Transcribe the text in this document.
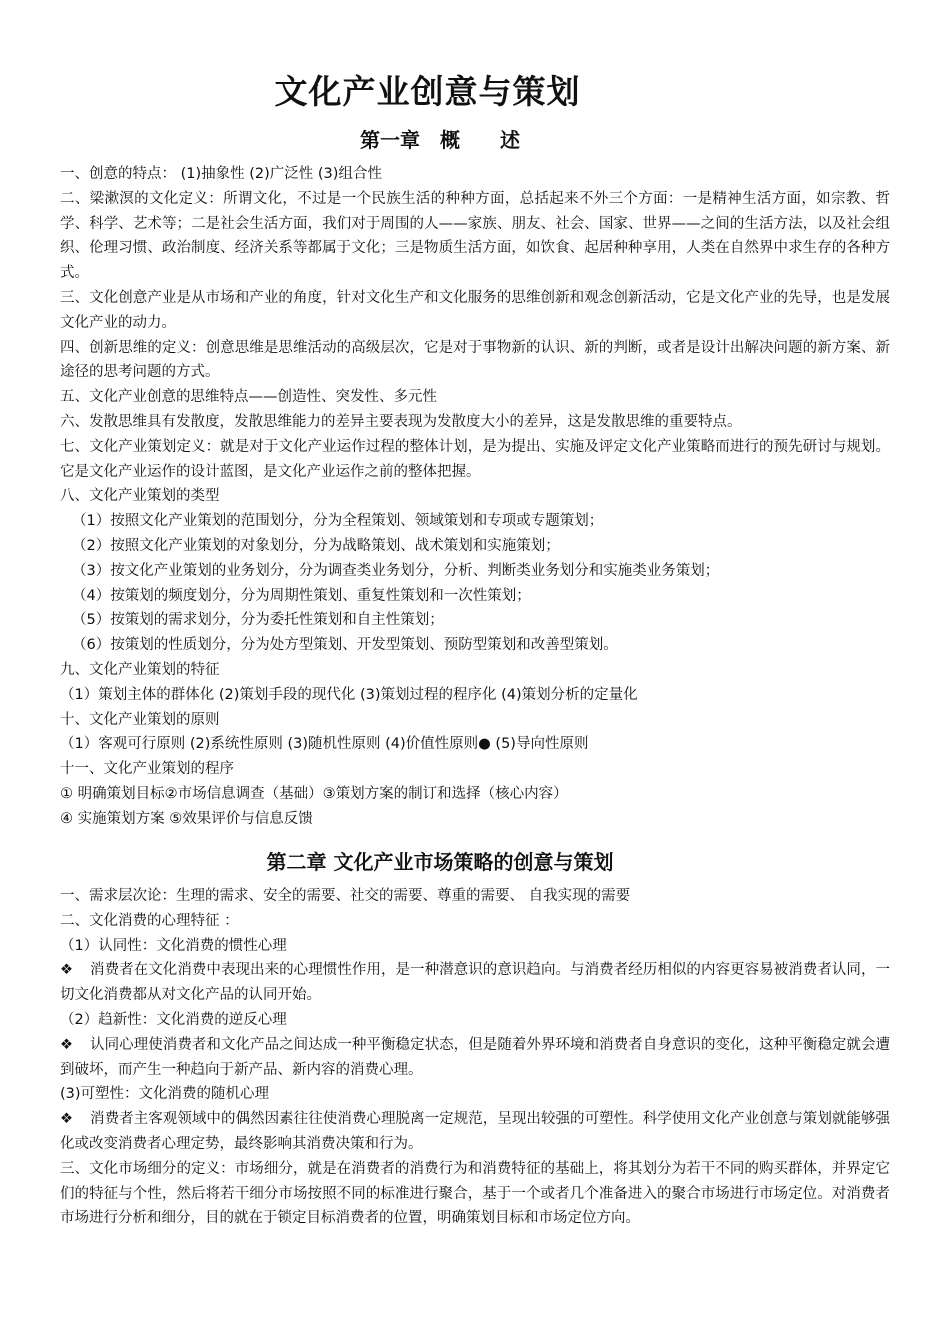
文化产业创意与策划
第一章　概　　述

一、创意的特点： (1)抽象性 (2)广泛性 (3)组合性

二、梁漱溟的文化定义：所谓文化，不过是一个民族生活的种种方面，总括起来不外三个方面：一是精神生活方面，如宗教、哲学、科学、艺术等；二是社会生活方面，我们对于周围的人——家族、朋友、社会、国家、世界——之间的生活方法，以及社会组织、伦理习惯、政治制度、经济关系等都属于文化；三是物质生活方面，如饮食、起居种种享用，人类在自然界中求生存的各种方式。

三、文化创意产业是从市场和产业的角度，针对文化生产和文化服务的思维创新和观念创新活动，它是文化产业的先导，也是发展文化产业的动力。

四、创新思维的定义：创意思维是思维活动的高级层次，它是对于事物新的认识、新的判断，或者是设计出解决问题的新方案、新途径的思考问题的方式。

五、文化产业创意的思维特点——创造性、突发性、多元性

六、发散思维具有发散度，发散思维能力的差异主要表现为发散度大小的差异，这是发散思维的重要特点。

七、文化产业策划定义：就是对于文化产业运作过程的整体计划，是为提出、实施及评定文化产业策略而进行的预先研讨与规划。它是文化产业运作的设计蓝图，是文化产业运作之前的整体把握。

八、文化产业策划的类型

（1）按照文化产业策划的范围划分，分为全程策划、领域策划和专项或专题策划；

（2）按照文化产业策划的对象划分，分为战略策划、战术策划和实施策划；

（3）按文化产业策划的业务划分，分为调查类业务划分，分析、判断类业务划分和实施类业务策划；

（4）按策划的频度划分，分为周期性策划、重复性策划和一次性策划；

（5）按策划的需求划分，分为委托性策划和自主性策划；

（6）按策划的性质划分，分为处方型策划、开发型策划、预防型策划和改善型策划。

九、文化产业策划的特征

（1）策划主体的群体化 (2)策划手段的现代化 (3)策划过程的程序化 (4)策划分析的定量化

十、文化产业策划的原则

（1）客观可行原则 (2)系统性原则 (3)随机性原则 (4)价值性原则● (5)导向性原则

十一、文化产业策划的程序

① 明确策划目标②市场信息调查（基础）③策划方案的制订和选择（核心内容）

④ 实施策划方案 ⑤效果评价与信息反馈

第二章 文化产业市场策略的创意与策划

一、需求层次论：生理的需求、安全的需要、社交的需要、尊重的需要、 自我实现的需要

二、文化消费的心理特征 ：

（1）认同性：文化消费的惯性心理

❖ 消费者在文化消费中表现出来的心理惯性作用，是一种潜意识的意识趋向。与消费者经历相似的内容更容易被消费者认同，一切文化消费都从对文化产品的认同开始。

（2）趋新性：文化消费的逆反心理

❖ 认同心理使消费者和文化产品之间达成一种平衡稳定状态，但是随着外界环境和消费者自身意识的变化，这种平衡稳定就会遭到破坏，而产生一种趋向于新产品、新内容的消费心理。

(3)可塑性：文化消费的随机心理

❖ 消费者主客观领域中的偶然因素往往使消费心理脱离一定规范，呈现出较强的可塑性。科学使用文化产业创意与策划就能够强化或改变消费者心理定势，最终影响其消费决策和行为。

三、文化市场细分的定义：市场细分，就是在消费者的消费行为和消费特征的基础上，将其划分为若干不同的购买群体，并界定它们的特征与个性，然后将若干细分市场按照不同的标准进行聚合，基于一个或者几个准备进入的聚合市场进行市场定位。对消费者市场进行分析和细分，目的就在于锁定目标消费者的位置，明确策划目标和市场定位方向。
